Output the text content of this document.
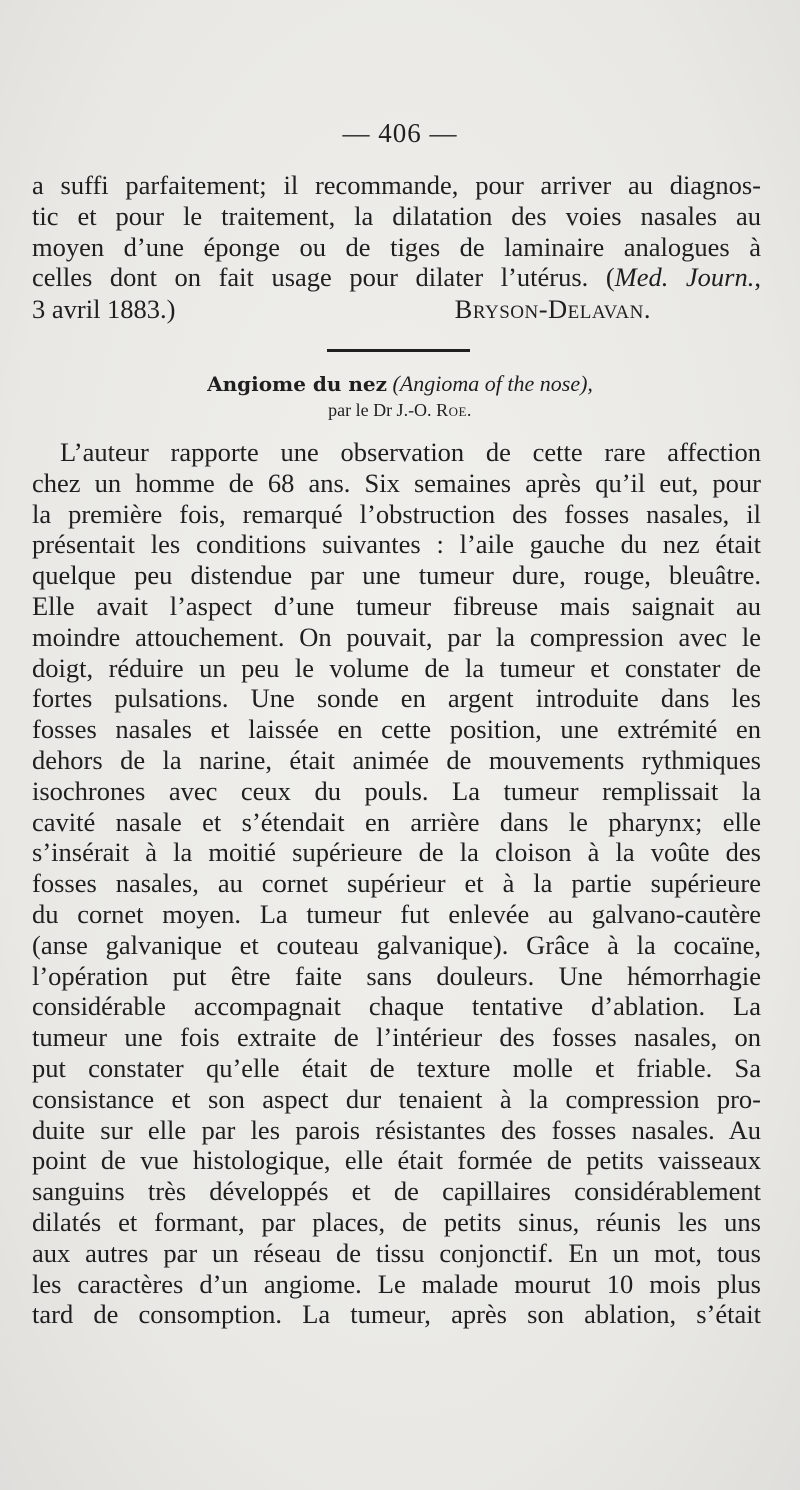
— 406 —
a suffi parfaitement; il recommande, pour arriver au diagnos-
tic et pour le traitement, la dilatation des voies nasales au
moyen d’une éponge ou de tiges de laminaire analogues à
celles dont on fait usage pour dilater l’utérus. (Med. Journ.,
3 avril 1883.)	Bryson-Delavan.
Angiome du nez (Angioma of the nose),
par le Dr J.-O. Roe.
L’auteur rapporte une observation de cette rare affection
chez un homme de 68 ans. Six semaines après qu’il eut, pour
la première fois, remarqué l’obstruction des fosses nasales, il
présentait les conditions suivantes : l’aile gauche du nez était
quelque peu distendue par une tumeur dure, rouge, bleuâtre.
Elle avait l’aspect d’une tumeur fibreuse mais saignait au
moindre attouchement. On pouvait, par la compression avec le
doigt, réduire un peu le volume de la tumeur et constater de
fortes pulsations. Une sonde en argent introduite dans les
fosses nasales et laissée en cette position, une extrémité en
dehors de la narine, était animée de mouvements rythmiques
isochrones avec ceux du pouls. La tumeur remplissait la
cavité nasale et s’étendait en arrière dans le pharynx; elle
s’insérait à la moitié supérieure de la cloison à la voûte des
fosses nasales, au cornet supérieur et à la partie supérieure
du cornet moyen. La tumeur fut enlevée au galvano-cautère
(anse galvanique et couteau galvanique). Grâce à la cocaïne,
l’opération put être faite sans douleurs. Une hémorrhagie
considérable accompagnait chaque tentative d’ablation. La
tumeur une fois extraite de l’intérieur des fosses nasales, on
put constater qu’elle était de texture molle et friable. Sa
consistance et son aspect dur tenaient à la compression pro-
duite sur elle par les parois résistantes des fosses nasales. Au
point de vue histologique, elle était formée de petits vaisseaux
sanguins très développés et de capillaires considérablement
dilatés et formant, par places, de petits sinus, réunis les uns
aux autres par un réseau de tissu conjonctif. En un mot, tous
les caractères d’un angiome. Le malade mourut 10 mois plus
tard de consomption. La tumeur, après son ablation, s’était
